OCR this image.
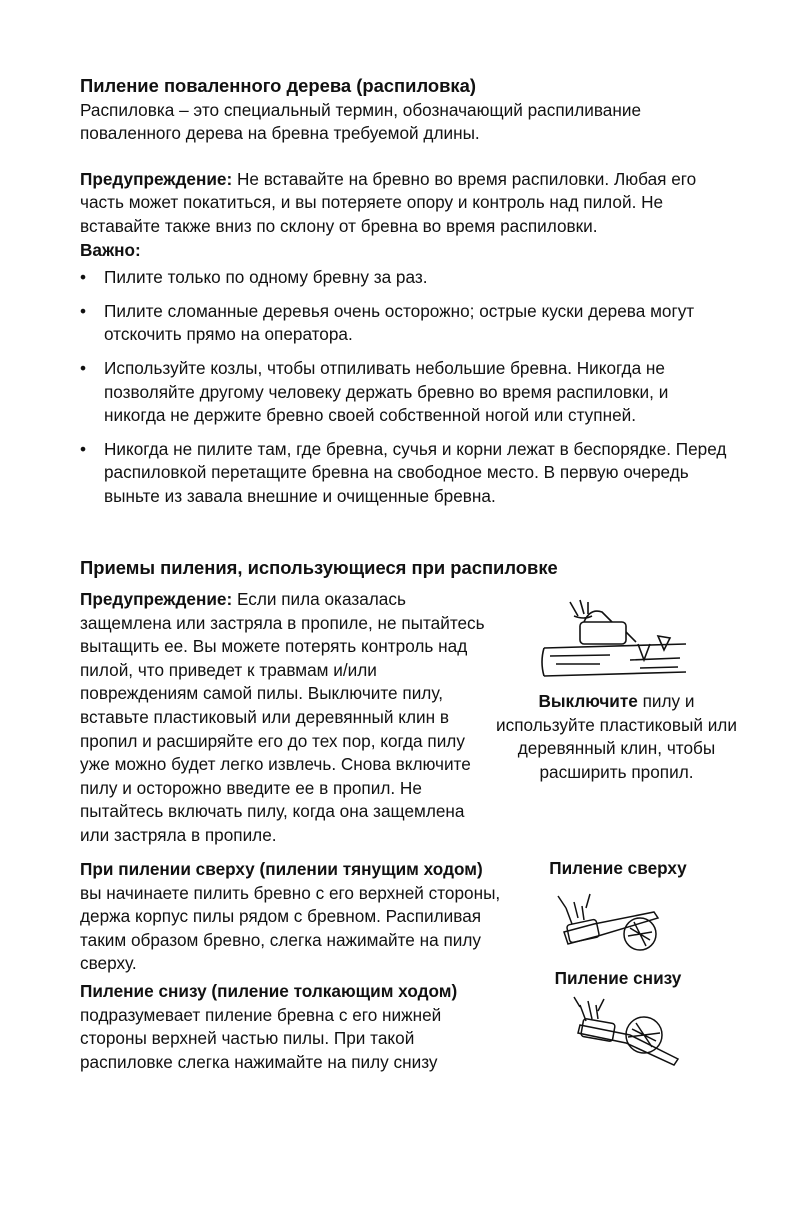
Пиление поваленного дерева (распиловка)

Распиловка – это специальный термин, обозначающий распиливание поваленного дерева на бревна требуемой длины.

Предупреждение: Не вставайте на бревно во время распиловки. Любая его часть может покатиться, и вы потеряете опору и контроль над пилой. Не вставайте также вниз по склону от бревна во время распиловки.

Важно:

• Пилите только по одному бревну за раз.
• Пилите сломанные деревья очень осторожно; острые куски дерева могут отскочить прямо на оператора.
• Используйте козлы, чтобы отпиливать небольшие бревна. Никогда не позволяйте другому человеку держать бревно во время распиловки, и никогда не держите бревно своей собственной ногой или ступней.
• Никогда не пилите там, где бревна, сучья и корни лежат в беспорядке. Перед распиловкой перетащите бревна на свободное место. В первую очередь выньте из завала внешние и очищенные бревна.

Приемы пиления, использующиеся при распиловке

Предупреждение: Если пила оказалась защемлена или застряла в пропиле, не пытайтесь вытащить ее. Вы можете потерять контроль над пилой, что приведет к травмам и/или повреждениям самой пилы. Выключите пилу, вставьте пластиковый или деревянный клин в пропил и расширяйте его до тех пор, когда пилу уже можно будет легко извлечь. Снова включите пилу и осторожно введите ее в пропил. Не пытайтесь включать пилу, когда она защемлена или застряла в пропиле.

Выключите пилу и используйте пластиковый или деревянный клин, чтобы расширить пропил.

При пилении сверху (пилении тянущим ходом) вы начинаете пилить бревно с его верхней стороны, держа корпус пилы рядом с бревном. Распиливая таким образом бревно, слегка нажимайте на пилу сверху.

Пиление снизу (пиление толкающим ходом) подразумевает пиление бревна с его нижней стороны верхней частью пилы. При такой распиловке слегка нажимайте на пилу снизу

Пиление сверху
Пиление снизу
